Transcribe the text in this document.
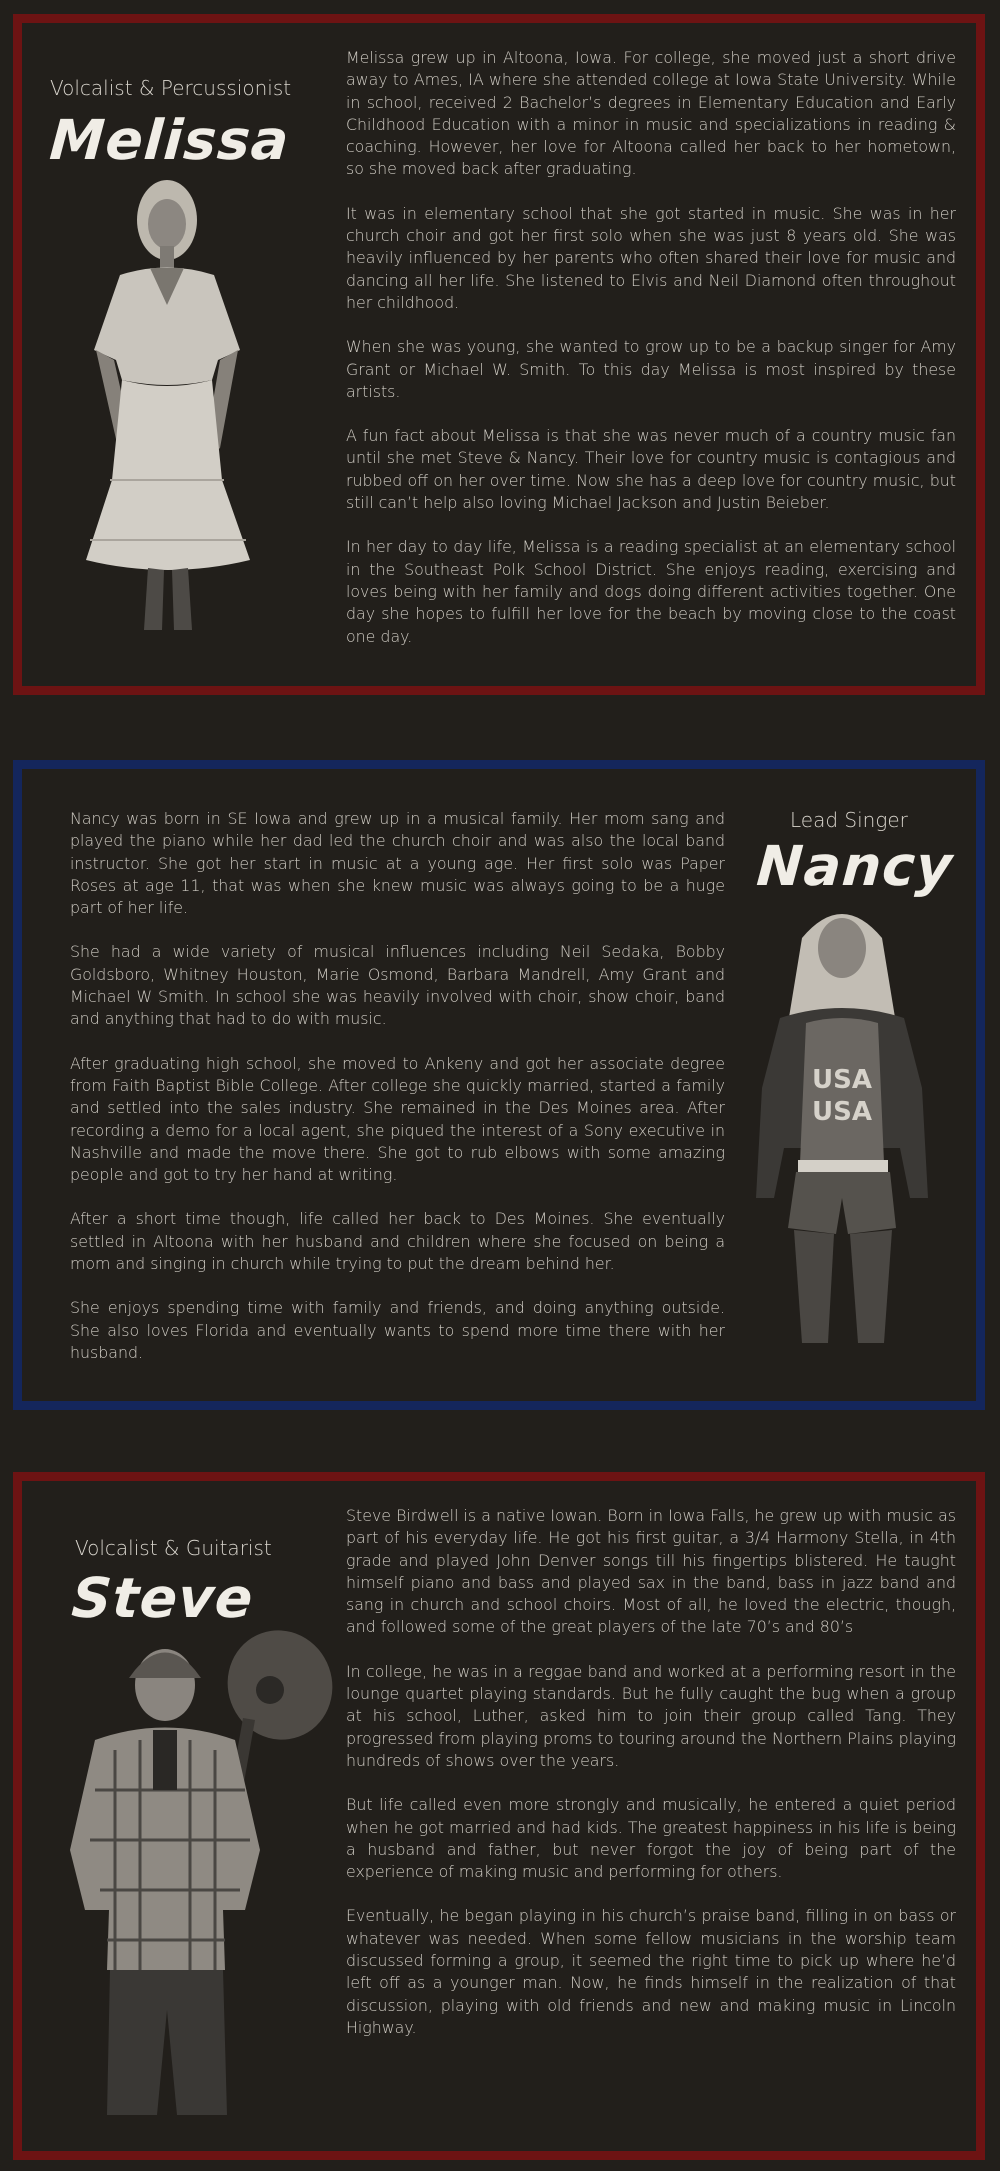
Volcalist & Percussionist
Melissa

Melissa grew up in Altoona, Iowa. For college, she moved just a short drive away to Ames, IA where she attended college at Iowa State University. While in school, received 2 Bachelor’s degrees in Elementary Education and Early Childhood Education with a minor in music and specializations in reading & coaching. However, her love for Altoona called her back to her hometown, so she moved back after graduating.

It was in elementary school that she got started in music. She was in her church choir and got her first solo when she was just 8 years old. She was heavily influenced by her parents who often shared their love for music and dancing all her life. She listened to Elvis and Neil Diamond often throughout her childhood.

When she was young, she wanted to grow up to be a backup singer for Amy Grant or Michael W. Smith. To this day Melissa is most inspired by these artists.

A fun fact about Melissa is that she was never much of a country music fan until she met Steve & Nancy. Their love for country music is contagious and rubbed off on her over time. Now she has a deep love for country music, but still can’t help also loving Michael Jackson and Justin Beieber.

In her day to day life, Melissa is a reading specialist at an elementary school in the Southeast Polk School District. She enjoys reading, exercising and loves being with her family and dogs doing different activities together. One day she hopes to fulfill her love for the beach by moving close to the coast one day.

Nancy was born in SE Iowa and grew up in a musical family. Her mom sang and played the piano while her dad led the church choir and was also the local band instructor. She got her start in music at a young age. Her first solo was Paper Roses at age 11, that was when she knew music was always going to be a huge part of her life.

She had a wide variety of musical influences including Neil Sedaka, Bobby Goldsboro, Whitney Houston, Marie Osmond, Barbara Mandrell, Amy Grant and Michael W Smith. In school she was heavily involved with choir, show choir, band and anything that had to do with music.

After graduating high school, she moved to Ankeny and got her associate degree from Faith Baptist Bible College. After college she quickly married, started a family and settled into the sales industry. She remained in the Des Moines area. After recording a demo for a local agent, she piqued the interest of a Sony executive in Nashville and made the move there. She got to rub elbows with some amazing people and got to try her hand at writing.

After a short time though, life called her back to Des Moines. She eventually settled in Altoona with her husband and children where she focused on being a mom and singing in church while trying to put the dream behind her.

She enjoys spending time with family and friends, and doing anything outside. She also loves Florida and eventually wants to spend more time there with her husband.

Lead Singer
Nancy
USA
USA
Volcalist & Guitarist
Steve

Steve Birdwell is a native Iowan. Born in Iowa Falls, he grew up with music as part of his everyday life. He got his first guitar, a 3/4 Harmony Stella, in 4th grade and played John Denver songs till his fingertips blistered. He taught himself piano and bass and played sax in the band, bass in jazz band and sang in church and school choirs. Most of all, he loved the electric, though, and followed some of the great players of the late 70’s and 80’s

In college, he was in a reggae band and worked at a performing resort in the lounge quartet playing standards. But he fully caught the bug when a group at his school, Luther, asked him to join their group called Tang. They progressed from playing proms to touring around the Northern Plains playing hundreds of shows over the years.

But life called even more strongly and musically, he entered a quiet period when he got married and had kids. The greatest happiness in his life is being a husband and father, but never forgot the joy of being part of the experience of making music and performing for others.

Eventually, he began playing in his church’s praise band, filling in on bass or whatever was needed. When some fellow musicians in the worship team discussed forming a group, it seemed the right time to pick up where he’d left off as a younger man. Now, he finds himself in the realization of that discussion, playing with old friends and new and making music in Lincoln Highway.
